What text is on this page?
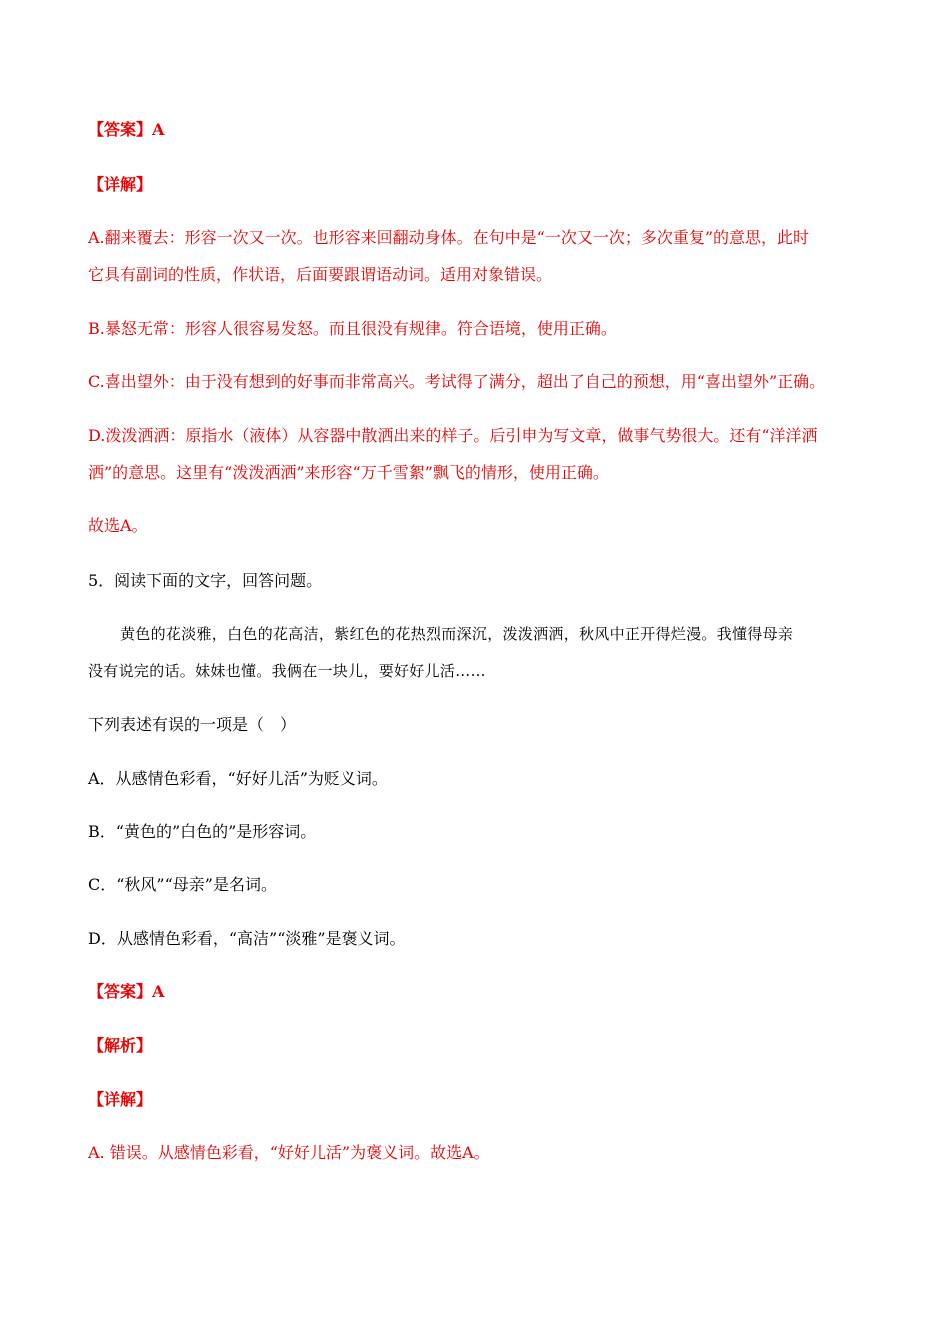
【答案】A
【详解】
A.翻来覆去：形容一次又一次。也形容来回翻动身体。在句中是“一次又一次；多次重复”的意思，此时
它具有副词的性质，作状语，后面要跟谓语动词。适用对象错误。
B.暴怒无常：形容人很容易发怒。而且很没有规律。符合语境，使用正确。
C.喜出望外：由于没有想到的好事而非常高兴。考试得了满分，超出了自己的预想，用“喜出望外”正确。
D.泼泼洒洒：原指水（液体）从容器中散洒出来的样子。后引申为写文章，做事气势很大。还有“洋洋洒
洒”的意思。这里有“泼泼洒洒”来形容“万千雪絮”飘飞的情形，使用正确。
故选A。
5．阅读下面的文字，回答问题。
黄色的花淡雅，白色的花高洁，紫红色的花热烈而深沉，泼泼洒洒，秋风中正开得烂漫。我懂得母亲
没有说完的话。妹妹也懂。我俩在一块儿，要好好儿活……
下列表述有误的一项是（　）
A．从感情色彩看，“好好儿活”为贬义词。
B．“黄色的”白色的”是形容词。
C．“秋风”“母亲”是名词。
D．从感情色彩看，“高洁”“淡雅”是褒义词。
【答案】A
【解析】
【详解】
A. 错误。从感情色彩看，“好好儿活”为褒义词。故选A。
